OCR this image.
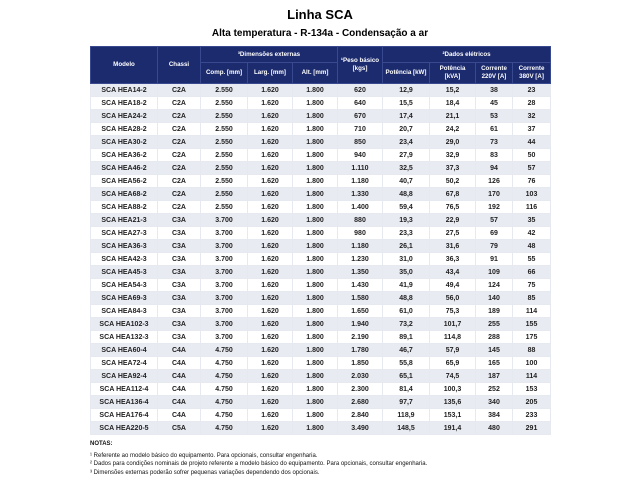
Linha SCA
Alta temperatura - R-134a - Condensação a ar
Modelo	Chassi	³Dimensões externas			¹Peso básico [kgs]	²Dados elétricos			
		Comp. [mm]	Larg. [mm]	Alt. [mm]		Potência [kW]	Potência [kVA]	Corrente 220V [A]	Corrente 380V [A]
SCA HEA14-2	C2A	2.550	1.620	1.800	620	12,9	15,2	38	23
SCA HEA18-2	C2A	2.550	1.620	1.800	640	15,5	18,4	45	28
SCA HEA24-2	C2A	2.550	1.620	1.800	670	17,4	21,1	53	32
SCA HEA28-2	C2A	2.550	1.620	1.800	710	20,7	24,2	61	37
SCA HEA30-2	C2A	2.550	1.620	1.800	850	23,4	29,0	73	44
SCA HEA36-2	C2A	2.550	1.620	1.800	940	27,9	32,9	83	50
SCA HEA46-2	C2A	2.550	1.620	1.800	1.110	32,5	37,3	94	57
SCA HEA56-2	C2A	2.550	1.620	1.800	1.180	40,7	50,2	126	76
SCA HEA68-2	C2A	2.550	1.620	1.800	1.330	48,8	67,8	170	103
SCA HEA88-2	C2A	2.550	1.620	1.800	1.400	59,4	76,5	192	116
SCA HEA21-3	C3A	3.700	1.620	1.800	880	19,3	22,9	57	35
SCA HEA27-3	C3A	3.700	1.620	1.800	980	23,3	27,5	69	42
SCA HEA36-3	C3A	3.700	1.620	1.800	1.180	26,1	31,6	79	48
SCA HEA42-3	C3A	3.700	1.620	1.800	1.230	31,0	36,3	91	55
SCA HEA45-3	C3A	3.700	1.620	1.800	1.350	35,0	43,4	109	66
SCA HEA54-3	C3A	3.700	1.620	1.800	1.430	41,9	49,4	124	75
SCA HEA69-3	C3A	3.700	1.620	1.800	1.580	48,8	56,0	140	85
SCA HEA84-3	C3A	3.700	1.620	1.800	1.650	61,0	75,3	189	114
SCA HEA102-3	C3A	3.700	1.620	1.800	1.940	73,2	101,7	255	155
SCA HEA132-3	C3A	3.700	1.620	1.800	2.190	89,1	114,8	288	175
SCA HEA60-4	C4A	4.750	1.620	1.800	1.780	46,7	57,9	145	88
SCA HEA72-4	C4A	4.750	1.620	1.800	1.850	55,8	65,9	165	100
SCA HEA92-4	C4A	4.750	1.620	1.800	2.030	65,1	74,5	187	114
SCA HEA112-4	C4A	4.750	1.620	1.800	2.300	81,4	100,3	252	153
SCA HEA136-4	C4A	4.750	1.620	1.800	2.680	97,7	135,6	340	205
SCA HEA176-4	C4A	4.750	1.620	1.800	2.840	118,9	153,1	384	233
SCA HEA220-5	C5A	4.750	1.620	1.800	3.490	148,5	191,4	480	291
NOTAS:
¹ Referente ao modelo básico do equipamento. Para opcionais, consultar engenharia.
² Dados para condições nominais de projeto referente a modelo básico do equipamento. Para opcionais, consultar engenharia.
³ Dimensões externas poderão sofrer pequenas variações dependendo dos opcionais.
